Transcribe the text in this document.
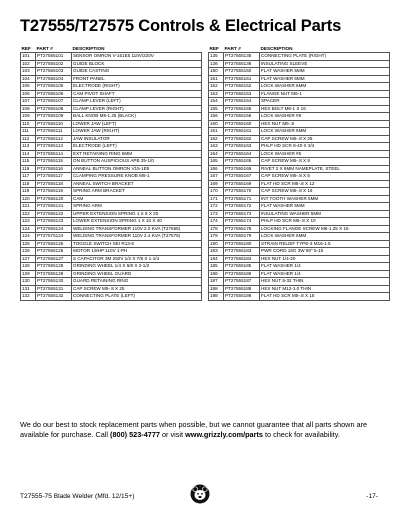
T27555/T27575 Controls & Electrical Parts
REF	PART #	DESCRIPTION
101	PT27555101	SENSOR OMRON V-151E5 110V/220V
102	PT27555102	GUIDE BLOCK
103	PT27555103	GUIDE CASTING
104	PT27555104	FRONT PANEL
105	PT27555105	ELECTRODE (RIGHT)
106	PT27555106	CAM PIVOT SHAFT
107	PT27555107	CLAMP LEVER (LEFT)
108	PT27555108	CLAMP LEVER (RIGHT)
109	PT27555109	BALL KNOB M8-1.25 (BLACK)
110	PT27555110	LOWER JAW (LEFT)
111	PT27555111	LOWER JAW (RIGHT)
112	PT27555112	JAW INSULATOR
113	PT27555113	ELECTRODE (LEFT)
114	PT27555114	EXT RETAINING RING 5MM
115	PT27555115	ON BUTTON AUSPICIOUS APB 25-1/0
116	PT27555116	ANNEAL BUTTON OMRON V15-1E5
117	PT27555117	CLAMPING PRESSURE KNOB M6-1
118	PT27555118	ANNEAL SWITCH BRACKET
119	PT27555119	SPRING ARM BRACKET
120	PT27555120	CAM
121	PT27555121	SPRING ARM
122	PT27555122	UPPER EXTENSION SPRING 1 X 8 X 20
123	PT27555123	LOWER EXTENSION SPRING 1 X 10 X 40
124	PT27555124	WELDING TRANSFORMER 110V 2.0 KVA (T27555)
124	PT27575124	WELDING TRANSFORMER 110V 2.4 KVA (T27575)
125	PT27555125	TOGGLE SWITCH SEI R13-5
126	PT27555126	MOTOR 1/8HP 110V 1-PH
127	PT27555127	S CAPACITOR 3M 250V 1/2 X 7/8 X 1-1/4
128	PT27555128	GRINDING WHEEL 1/4 X 5/8 X 2-1/2
129	PT27555129	GRINDING WHEEL GUARD
130	PT27555130	GUARD RETAINING RING
131	PT27555131	CAP SCREW M5-.8 X 25
132	PT27555132	CONNECTING PLATE (LEFT)
REF	PART #	DESCRIPTION
135	PT27555135	CONNECTING PLATE (RIGHT)
136	PT27555136	INSULATING SLEEVE
150	PT27555150	FLAT WASHER 5MM
151	PT27555151	FLAT WASHER 6MM
152	PT27555152	LOCK WASHER 6MM
153	PT27555153	FLANGE NUT M6-1
154	PT27555154	SPACER
155	PT27555155	HEX BOLT M6-1 X 16
156	PT27555156	LOCK WASHER #8
160	PT27555160	HEX NUT M5-.8
161	PT27555161	LOCK WASHER 5MM
162	PT27555162	CAP SCREW M5-.8 X 25
163	PT27555163	PHLP HD SCR 8-40 X 3/4
164	PT27555164	LOCK WASHER #5
165	PT27555165	CAP SCREW M5-.8 X 8
166	PT27555166	RIVET 2 X 6MM NAMEPLATE, STEEL
167	PT27555167	CAP SCREW M5-.8 X 6
169	PT27555169	FLAT HD SCR M5-.8 X 12
170	PT27555170	CAP SCREW M5-.8 X 16
171	PT27555171	INT TOOTH WASHER 5MM
172	PT27555172	FLAT WASHER 5MM
173	PT27555173	INSULATING WASHER 5MM
174	PT27555174	PHLP HD SCR M5-.8 X 10
178	PT27555178	LOCKING FLANGE SCREW M6-1.25 X 16
179	PT27555179	LOCK WASHER 6MM
180	PT27555180	STRAIN RELIEF TYPE-3 M16-1.5
183	PT27555183	PWR CORD 16G 3W 90" 5-15
184	PT27555184	HEX NUT 1/4-20
185	PT27555185	FLAT WASHER 1/4
186	PT27555186	FLAT WASHER 1/4
187	PT27555187	HEX NUT 8-32 THIN
188	PT27555188	HEX NUT M12-1.0 THIN
198	PT27555198	FLAT HD SCR M5-.8 X 15
We do our best to stock replacement parts when possible, but we cannot guarantee that all parts shown are available for purchase. Call (800) 523-4777 or visit www.grizzly.com/parts to check for availability.
T27555-75 Blade Welder (Mfd. 12/15+)	-17-
